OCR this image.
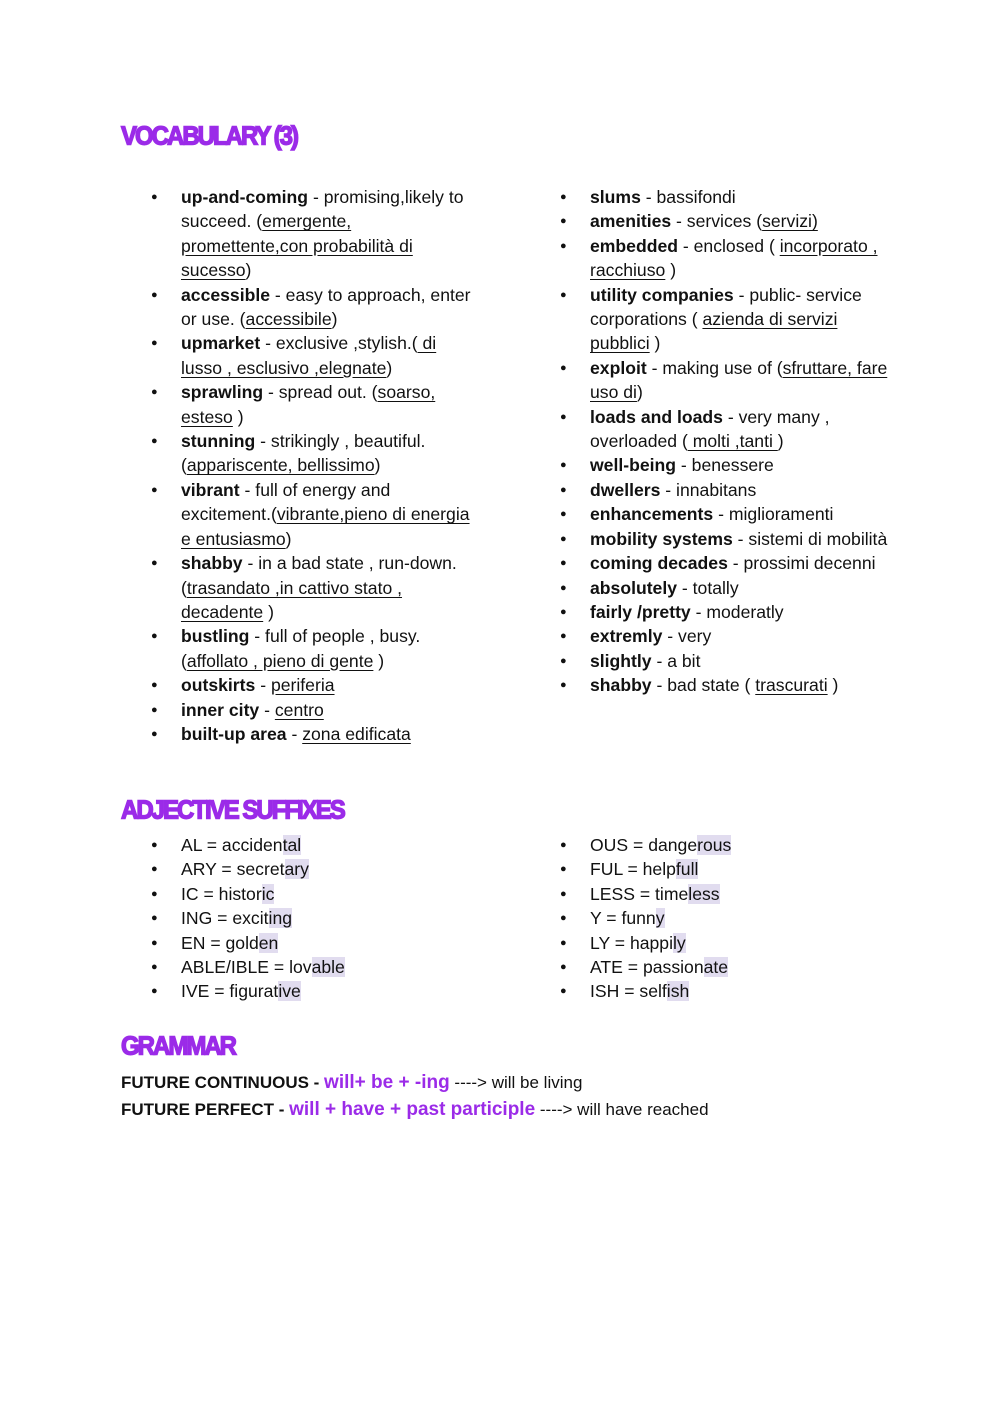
VOCABULARY (3)
● up-and-coming - promising,likely to succeed. (emergente, promettente,con probabilità di sucesso)
● accessible - easy to approach, enter or use. (accessibile)
● upmarket - exclusive ,stylish.( di lusso , esclusivo ,elegnate)
● sprawling - spread out. (soarso, esteso )
● stunning - strikingly , beautiful. (appariscente, bellissimo)
● vibrant - full of energy and excitement.(vibrante,pieno di energia e entusiasmo)
● shabby - in a bad state , run-down.(trasandato ,in cattivo stato , decadente )
● bustling - full of people , busy.(affollato , pieno di gente )
● outskirts - periferia
● inner city - centro
● built-up area - zona edificata
● slums - bassifondi
● amenities - services (servizi)
● embedded - enclosed ( incorporato , racchiuso )
● utility companies - public- service corporations ( azienda di servizi pubblici )
● exploit - making use of (sfruttare, fare uso di)
● loads and loads - very many , overloaded ( molti ,tanti )
● well-being - benessere
● dwellers - innabitans
● enhancements - miglioramenti
● mobility systems - sistemi di mobilità
● coming decades - prossimi decenni
● absolutely - totally
● fairly /pretty - moderatly
● extremly - very
● slightly - a bit
● shabby - bad state ( trascurati )
ADJECTIVE SUFFIXES
● AL = accidental
● ARY = secretary
● IC = historic
● ING = exciting
● EN = golden
● ABLE/IBLE = lovable
● IVE = figurative
● OUS = dangerous
● FUL = helpfull
● LESS = timeless
● Y = funny
● LY = happily
● ATE = passionate
● ISH = selfish
GRAMMAR
FUTURE CONTINUOUS - will+ be + -ing ----> will be living
FUTURE PERFECT - will + have + past participle ----> will have reached
